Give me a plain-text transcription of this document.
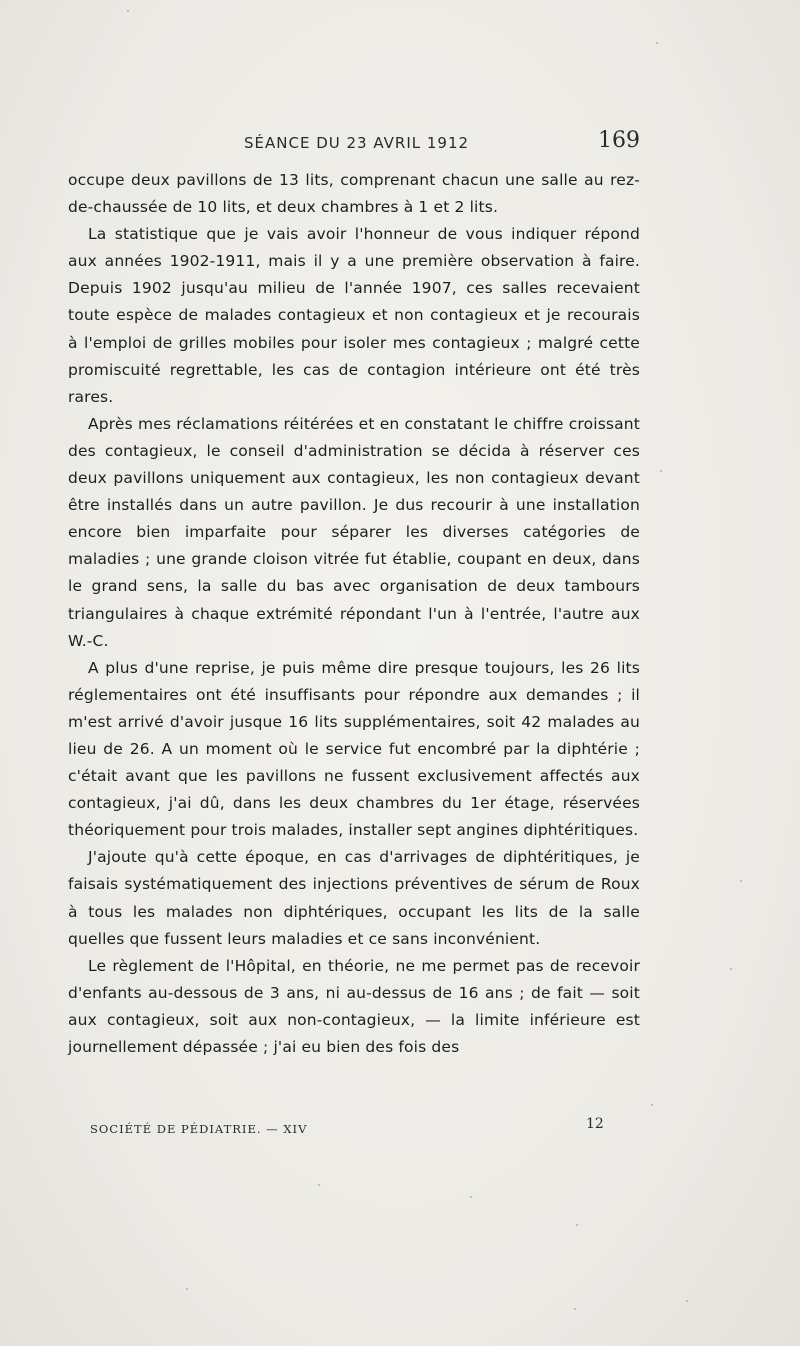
SÉANCE DU 23 AVRIL 1912	169

occupe deux pavillons de 13 lits, comprenant chacun une salle au rez-de-chaussée de 10 lits, et deux chambres à 1 et 2 lits.

La statistique que je vais avoir l'honneur de vous indiquer répond aux années 1902-1911, mais il y a une première observation à faire. Depuis 1902 jusqu'au milieu de l'année 1907, ces salles recevaient toute espèce de malades contagieux et non contagieux et je recourais à l'emploi de grilles mobiles pour isoler mes contagieux ; malgré cette promiscuité regrettable, les cas de contagion intérieure ont été très rares.

Après mes réclamations réitérées et en constatant le chiffre croissant des contagieux, le conseil d'administration se décida à réserver ces deux pavillons uniquement aux contagieux, les non contagieux devant être installés dans un autre pavillon. Je dus recourir à une installation encore bien imparfaite pour séparer les diverses catégories de maladies ; une grande cloison vitrée fut établie, coupant en deux, dans le grand sens, la salle du bas avec organisation de deux tambours triangulaires à chaque extrémité répondant l'un à l'entrée, l'autre aux W.-C.

A plus d'une reprise, je puis même dire presque toujours, les 26 lits réglementaires ont été insuffisants pour répondre aux demandes ; il m'est arrivé d'avoir jusque 16 lits supplémentaires, soit 42 malades au lieu de 26. A un moment où le service fut encombré par la diphtérie ; c'était avant que les pavillons ne fussent exclusivement affectés aux contagieux, j'ai dû, dans les deux chambres du 1er étage, réservées théoriquement pour trois malades, installer sept angines diphtéritiques.

J'ajoute qu'à cette époque, en cas d'arrivages de diphtéritiques, je faisais systématiquement des injections préventives de sérum de Roux à tous les malades non diphtériques, occupant les lits de la salle quelles que fussent leurs maladies et ce sans inconvénient.

Le règlement de l'Hôpital, en théorie, ne me permet pas de recevoir d'enfants au-dessous de 3 ans, ni au-dessus de 16 ans ; de fait — soit aux contagieux, soit aux non-contagieux, — la limite inférieure est journellement dépassée ; j'ai eu bien des fois des

SOCIÉTÉ DE PÉDIATRIE. — XIV	12
